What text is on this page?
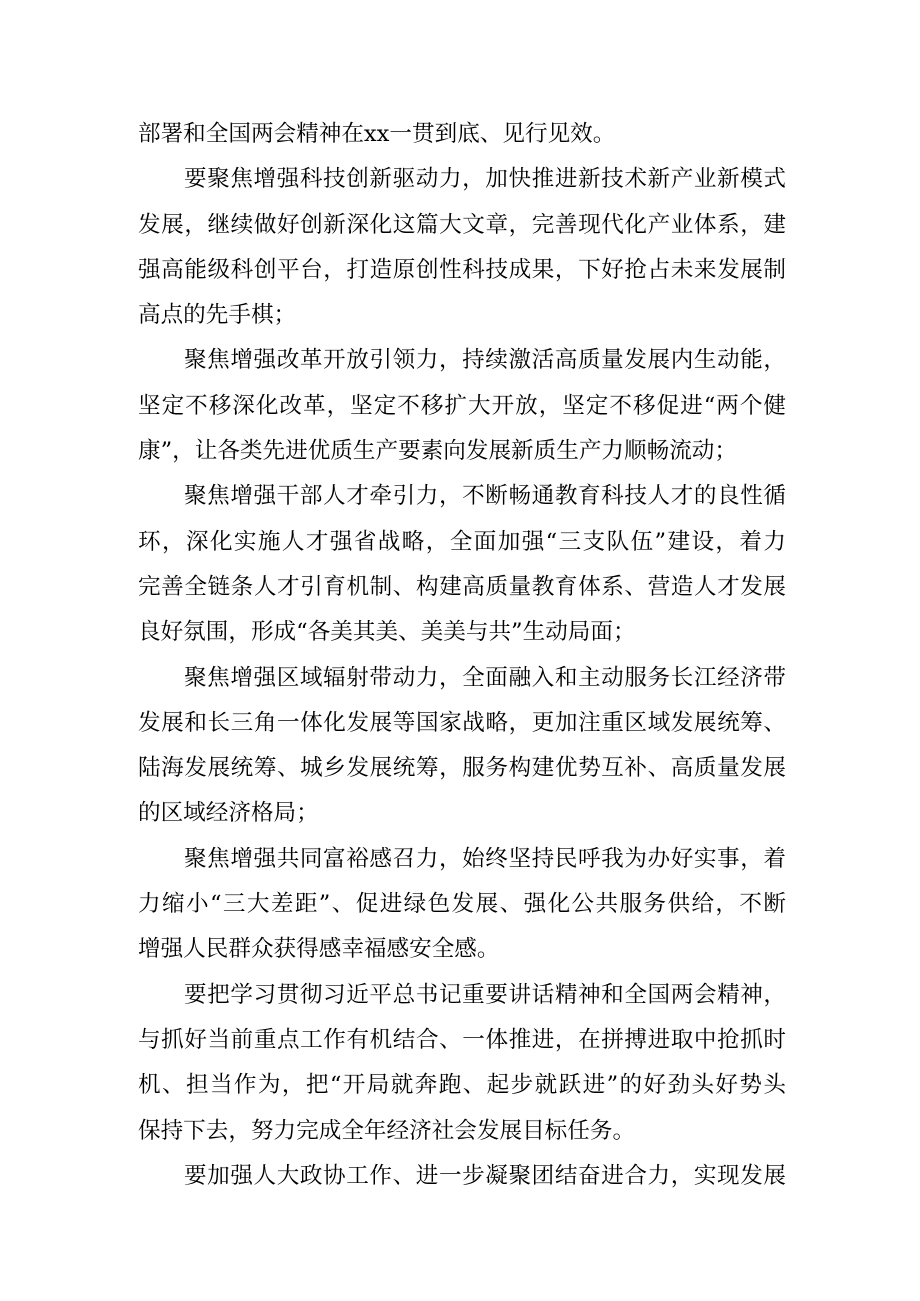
部署和全国两会精神在xx一贯到底、见行见效。
要聚焦增强科技创新驱动力，加快推进新技术新产业新模式
发展，继续做好创新深化这篇大文章，完善现代化产业体系，建
强高能级科创平台，打造原创性科技成果，下好抢占未来发展制
高点的先手棋；
聚焦增强改革开放引领力，持续激活高质量发展内生动能，
坚定不移深化改革，坚定不移扩大开放，坚定不移促进“两个健
康”，让各类先进优质生产要素向发展新质生产力顺畅流动；
聚焦增强干部人才牵引力，不断畅通教育科技人才的良性循
环，深化实施人才强省战略，全面加强“三支队伍”建设，着力
完善全链条人才引育机制、构建高质量教育体系、营造人才发展
良好氛围，形成“各美其美、美美与共”生动局面；
聚焦增强区域辐射带动力，全面融入和主动服务长江经济带
发展和长三角一体化发展等国家战略，更加注重区域发展统筹、
陆海发展统筹、城乡发展统筹，服务构建优势互补、高质量发展
的区域经济格局；
聚焦增强共同富裕感召力，始终坚持民呼我为办好实事，着
力缩小“三大差距”、促进绿色发展、强化公共服务供给，不断
增强人民群众获得感幸福感安全感。
要把学习贯彻习近平总书记重要讲话精神和全国两会精神，
与抓好当前重点工作有机结合、一体推进，在拼搏进取中抢抓时
机、担当作为，把“开局就奔跑、起步就跃进”的好劲头好势头
保持下去，努力完成全年经济社会发展目标任务。
要加强人大政协工作、进一步凝聚团结奋进合力，实现发展
